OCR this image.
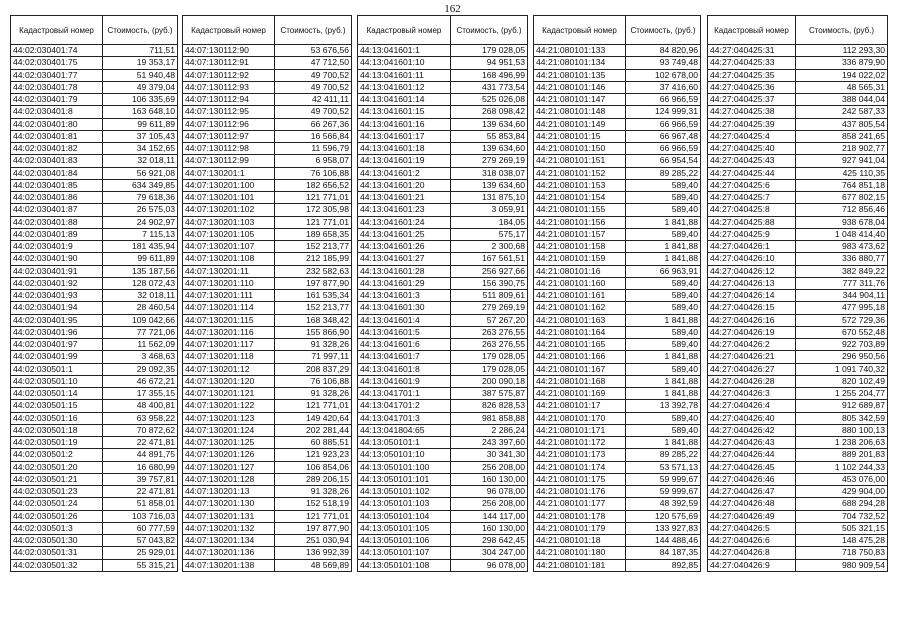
162
Кадастровый номер	Стоимость, (руб.)
44:02:030401:74	711,51
44:02:030401:75	19 353,17
44:02:030401:77	51 940,48
44:02:030401:78	49 379,04
44:02:030401:79	106 335,69
44:02:030401:8	163 648,10
44:02:030401:80	99 611,89
44:02:030401:81	37 105,43
44:02:030401:82	34 152,65
44:02:030401:83	32 018,11
44:02:030401:84	56 921,08
44:02:030401:85	634 349,85
44:02:030401:86	79 618,36
44:02:030401:87	26 575,03
44:02:030401:88	24 902,97
44:02:030401:89	7 115,13
44:02:030401:9	181 435,94
44:02:030401:90	99 611,89
44:02:030401:91	135 187,56
44:02:030401:92	128 072,43
44:02:030401:93	32 018,11
44:02:030401:94	28 460,54
44:02:030401:95	109 042,66
44:02:030401:96	77 721,06
44:02:030401:97	11 562,09
44:02:030401:99	3 468,63
44:02:030501:1	29 092,35
44:02:030501:10	46 672,21
44:02:030501:14	17 355,15
44:02:030501:15	48 400,81
44:02:030501:16	63 958,22
44:02:030501:18	70 872,62
44:02:030501:19	22 471,81
44:02:030501:2	44 891,75
44:02:030501:20	16 680,99
44:02:030501:21	39 757,81
44:02:030501:23	22 471,81
44:02:030501:24	51 858,01
44:02:030501:26	103 716,03
44:02:030501:3	60 777,59
44:02:030501:30	57 043,82
44:02:030501:31	25 929,01
44:02:030501:32	55 315,21
Кадастровый номер	Стоимость, (руб.)
44:07:130112:90	53 676,56
44:07:130112:91	47 712,50
44:07:130112:92	49 700,52
44:07:130112:93	49 700,52
44:07:130112:94	42 411,11
44:07:130112:95	49 700,52
44:07:130112:96	66 267,36
44:07:130112:97	16 566,84
44:07:130112:98	11 596,79
44:07:130112:99	6 958,07
44:07:130201:1	76 106,88
44:07:130201:100	182 656,52
44:07:130201:101	121 771,01
44:07:130201:102	172 305,98
44:07:130201:103	121 771,01
44:07:130201:105	189 658,35
44:07:130201:107	152 213,77
44:07:130201:108	212 185,99
44:07:130201:11	232 582,63
44:07:130201:110	197 877,90
44:07:130201:111	161 535,34
44:07:130201:114	152 213,77
44:07:130201:115	168 348,42
44:07:130201:116	155 866,90
44:07:130201:117	91 328,26
44:07:130201:118	71 997,11
44:07:130201:12	208 837,29
44:07:130201:120	76 106,88
44:07:130201:121	91 328,26
44:07:130201:122	121 771,01
44:07:130201:123	149 420,64
44:07:130201:124	202 281,44
44:07:130201:125	60 885,51
44:07:130201:126	121 923,23
44:07:130201:127	106 854,06
44:07:130201:128	289 206,15
44:07:130201:13	91 328,26
44:07:130201:130	152 518,19
44:07:130201:131	121 771,01
44:07:130201:132	197 877,90
44:07:130201:134	251 030,94
44:07:130201:136	136 992,39
44:07:130201:138	48 569,89
Кадастровый номер	Стоимость, (руб.)
44:13:041601:1	179 028,05
44:13:041601:10	94 951,53
44:13:041601:11	168 496,99
44:13:041601:12	431 773,54
44:13:041601:14	525 026,08
44:13:041601:15	268 098,42
44:13:041601:16	139 634,60
44:13:041601:17	55 853,84
44:13:041601:18	139 634,60
44:13:041601:19	279 269,19
44:13:041601:2	318 038,07
44:13:041601:20	139 634,60
44:13:041601:21	131 875,10
44:13:041601:23	3 059,91
44:13:041601:24	184,05
44:13:041601:25	575,17
44:13:041601:26	2 300,68
44:13:041601:27	167 561,51
44:13:041601:28	256 927,66
44:13:041601:29	156 390,75
44:13:041601:3	511 809,61
44:13:041601:30	279 269,19
44:13:041601:4	57 267,20
44:13:041601:5	263 276,55
44:13:041601:6	263 276,55
44:13:041601:7	179 028,05
44:13:041601:8	179 028,05
44:13:041601:9	200 090,18
44:13:041701:1	387 575,87
44:13:041701:2	826 828,53
44:13:041701:3	981 858,88
44:13:041804:65	2 286,24
44:13:050101:1	243 397,60
44:13:050101:10	30 341,30
44:13:050101:100	256 208,00
44:13:050101:101	160 130,00
44:13:050101:102	96 078,00
44:13:050101:103	256 208,00
44:13:050101:104	144 117,00
44:13:050101:105	160 130,00
44:13:050101:106	298 642,45
44:13:050101:107	304 247,00
44:13:050101:108	96 078,00
Кадастровый номер	Стоимость, (руб.)
44:21:080101:133	84 820,96
44:21:080101:134	93 749,48
44:21:080101:135	102 678,00
44:21:080101:146	37 416,60
44:21:080101:147	66 966,59
44:21:080101:148	124 999,31
44:21:080101:149	66 966,59
44:21:080101:15	66 967,48
44:21:080101:150	66 966,59
44:21:080101:151	66 954,54
44:21:080101:152	89 285,22
44:21:080101:153	589,40
44:21:080101:154	589,40
44:21:080101:155	589,40
44:21:080101:156	1 841,88
44:21:080101:157	589,40
44:21:080101:158	1 841,88
44:21:080101:159	1 841,88
44:21:080101:16	66 963,91
44:21:080101:160	589,40
44:21:080101:161	589,40
44:21:080101:162	589,40
44:21:080101:163	1 841,88
44:21:080101:164	589,40
44:21:080101:165	589,40
44:21:080101:166	1 841,88
44:21:080101:167	589,40
44:21:080101:168	1 841,88
44:21:080101:169	1 841,88
44:21:080101:17	13 392,78
44:21:080101:170	589,40
44:21:080101:171	589,40
44:21:080101:172	1 841,88
44:21:080101:173	89 285,22
44:21:080101:174	53 571,13
44:21:080101:175	59 999,67
44:21:080101:176	59 999,67
44:21:080101:177	48 392,59
44:21:080101:178	120 575,69
44:21:080101:179	133 927,83
44:21:080101:18	144 488,46
44:21:080101:180	84 187,35
44:21:080101:181	892,85
Кадастровый номер	Стоимость, (руб.)
44:27:040425:31	112 293,30
44:27:040425:33	336 879,90
44:27:040425:35	194 022,02
44:27:040425:36	48 565,31
44:27:040425:37	388 044,04
44:27:040425:38	242 587,33
44:27:040425:39	437 805,54
44:27:040425:4	858 241,65
44:27:040425:40	218 902,77
44:27:040425:43	927 941,04
44:27:040425:44	425 110,35
44:27:040425:6	764 851,18
44:27:040425:7	677 802,15
44:27:040425:8	712 856,46
44:27:040425:88	938 678,04
44:27:040425:9	1 048 414,40
44:27:040426:1	983 473,62
44:27:040426:10	336 880,77
44:27:040426:12	382 849,22
44:27:040426:13	777 311,76
44:27:040426:14	344 904,11
44:27:040426:15	477 995,18
44:27:040426:16	572 729,36
44:27:040426:19	670 552,48
44:27:040426:2	922 703,89
44:27:040426:21	296 950,56
44:27:040426:27	1 091 740,32
44:27:040426:28	820 102,49
44:27:040426:3	1 255 204,77
44:27:040426:4	912 689,87
44:27:040426:40	805 342,59
44:27:040426:42	880 100,13
44:27:040426:43	1 238 206,63
44:27:040426:44	889 201,83
44:27:040426:45	1 102 244,33
44:27:040426:46	453 076,00
44:27:040426:47	429 904,00
44:27:040426:48	688 294,28
44:27:040426:49	704 732,52
44:27:040426:5	505 321,15
44:27:040426:6	148 475,28
44:27:040426:8	718 750,83
44:27:040426:9	980 909,54
